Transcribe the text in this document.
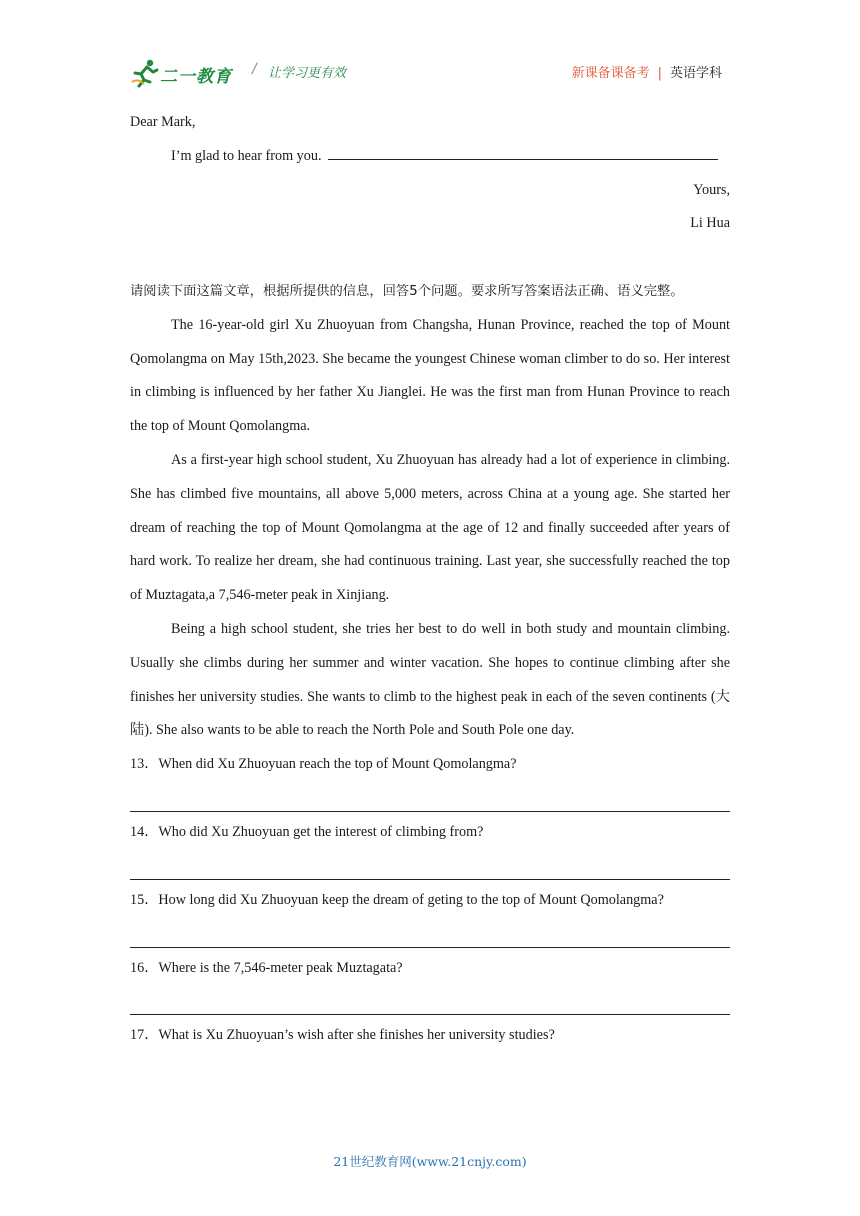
二一教育 / 让学习更有效	新课备课备考 | 英语学科

Dear Mark,

I’m glad to hear from you.

Yours,

Li Hua

请阅读下面这篇文章，根据所提供的信息，回答5个问题。要求所写答案语法正确、语义完整。

The 16-year-old girl Xu Zhuoyuan from Changsha, Hunan Province, reached the top of Mount Qomolangma on May 15th,2023. She became the youngest Chinese woman climber to do so. Her interest in climbing is influenced by her father Xu Jianglei. He was the first man from Hunan Province to reach the top of Mount Qomolangma.

As a first-year high school student, Xu Zhuoyuan has already had a lot of experience in climbing. She has climbed five mountains, all above 5,000 meters, across China at a young age. She started her dream of reaching the top of Mount Qomolangma at the age of 12 and finally succeeded after years of hard work. To realize her dream, she had continuous training. Last year, she successfully reached the top of Muztagata,a 7,546-meter peak in Xinjiang.

Being a high school student, she tries her best to do well in both study and mountain climbing. Usually she climbs during her summer and winter vacation. She hopes to continue climbing after she finishes her university studies. She wants to climb to the highest peak in each of the seven continents (大陆). She also wants to be able to reach the North Pole and South Pole one day.

13．When did Xu Zhuoyuan reach the top of Mount Qomolangma?

14．Who did Xu Zhuoyuan get the interest of climbing from?

15．How long did Xu Zhuoyuan keep the dream of geting to the top of Mount Qomolangma?

16．Where is the 7,546-meter peak Muztagata?

17．What is Xu Zhuoyuan’s wish after she finishes her university studies?

21世纪教育网(www.21cnjy.com)
